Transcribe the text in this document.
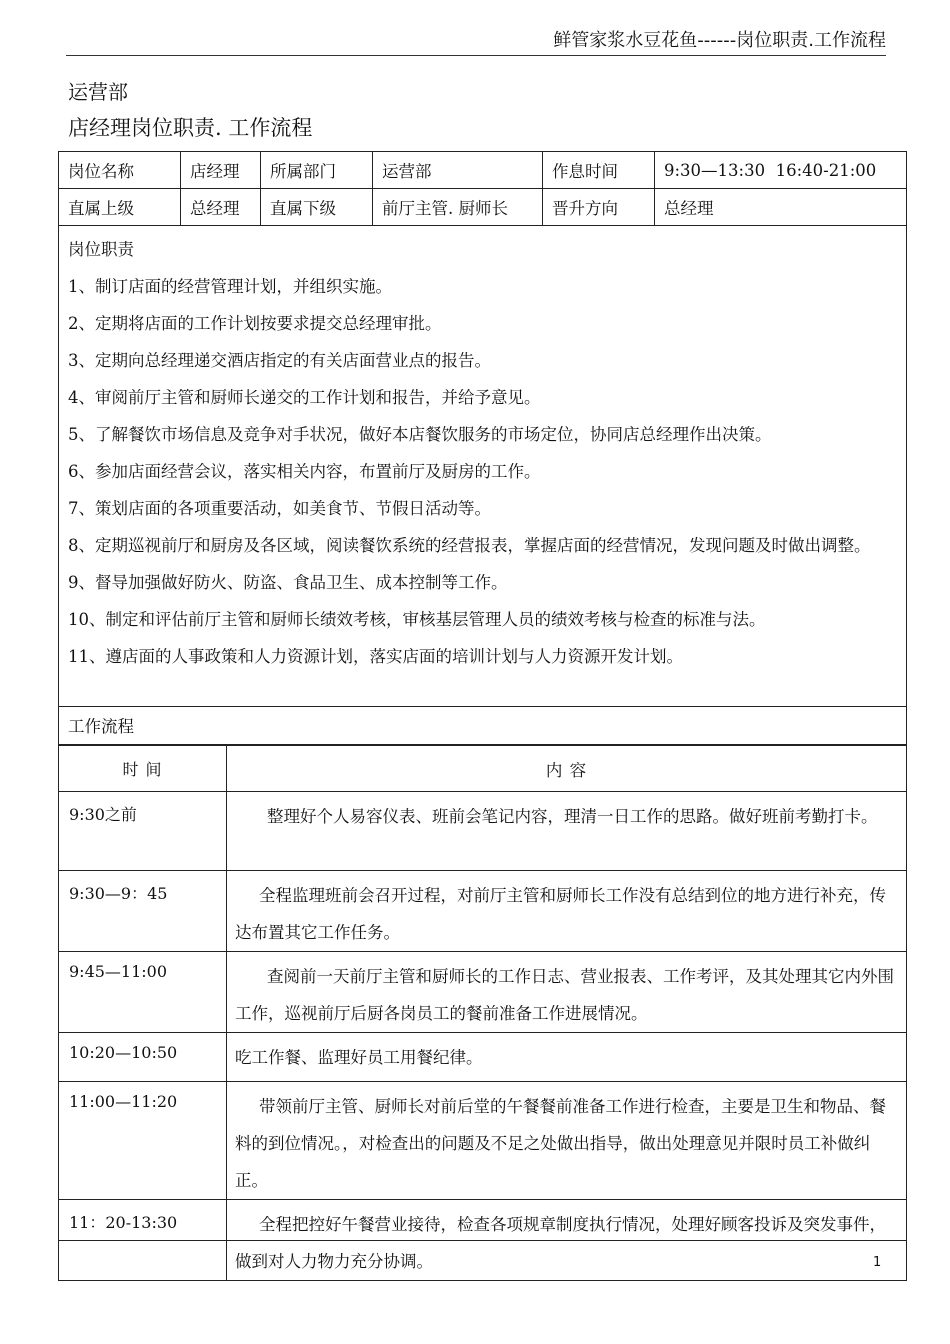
鲜管家浆水豆花鱼------岗位职责.工作流程
运营部
店经理岗位职责. 工作流程
岗位名称	店经理	所属部门	运营部	作息时间	9:30—13:30  16:40-21:00
直属上级	总经理	直属下级	前厅主管. 厨师长	晋升方向	总经理
岗位职责
1、制订店面的经营管理计划，并组织实施。
2、定期将店面的工作计划按要求提交总经理审批。
3、定期向总经理递交酒店指定的有关店面营业点的报告。
4、审阅前厅主管和厨师长递交的工作计划和报告，并给予意见。
5、了解餐饮市场信息及竞争对手状况，做好本店餐饮服务的市场定位，协同店总经理作出决策。
6、参加店面经营会议，落实相关内容，布置前厅及厨房的工作。
7、策划店面的各项重要活动，如美食节、节假日活动等。
8、定期巡视前厅和厨房及各区域，阅读餐饮系统的经营报表，掌握店面的经营情况，发现问题及时做出调整。
9、督导加强做好防火、防盗、食品卫生、成本控制等工作。
10、制定和评估前厅主管和厨师长绩效考核，审核基层管理人员的绩效考核与检查的标准与法。
11、遵店面的人事政策和人力资源计划，落实店面的培训计划与人力资源开发计划。
工作流程
时 间	内 容
9:30之前	整理好个人易容仪表、班前会笔记内容，理清一日工作的思路。做好班前考勤打卡。
9:30—9：45	全程监理班前会召开过程，对前厅主管和厨师长工作没有总结到位的地方进行补充，传达布置其它工作任务。
9:45—11:00	查阅前一天前厅主管和厨师长的工作日志、营业报表、工作考评，及其处理其它内外围工作，巡视前厅后厨各岗员工的餐前准备工作进展情况。
10:20—10:50	吃工作餐、监理好员工用餐纪律。
11:00—11:20	带领前厅主管、厨师长对前后堂的午餐餐前准备工作进行检查，主要是卫生和物品、餐料的到位情况。，对检查出的问题及不足之处做出指导，做出处理意见并限时员工补做纠正。
11：20-13:30	全程把控好午餐营业接待，检查各项规章制度执行情况，处理好顾客投诉及突发事件，做到对人力物力充分协调。	1
